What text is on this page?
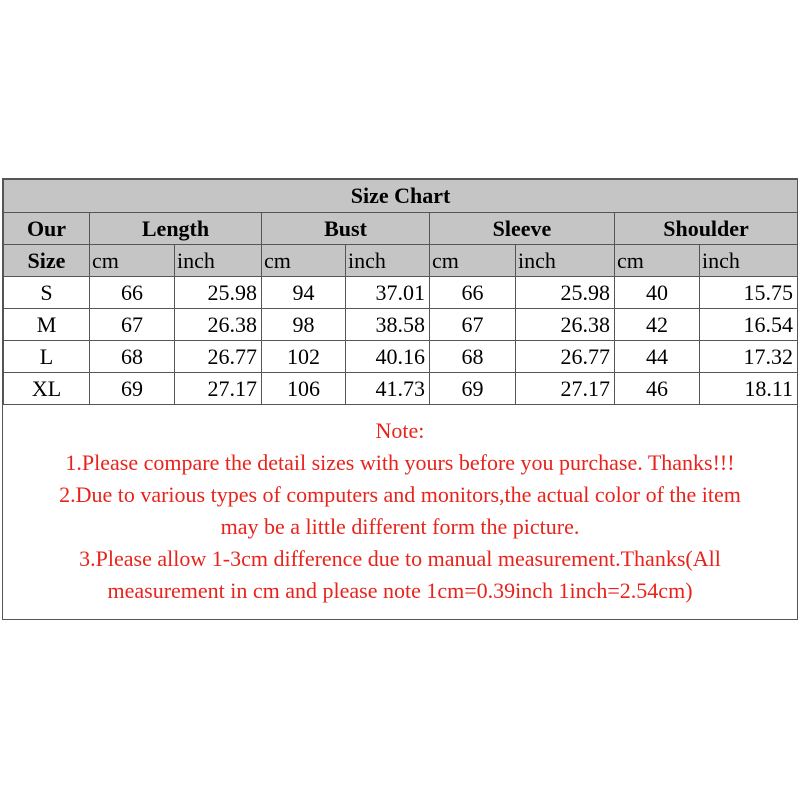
Size Chart								
Our	Length		Bust		Sleeve		Shoulder	
Size	cm	inch	cm	inch	cm	inch	cm	inch
S	66	25.98	94	37.01	66	25.98	40	15.75
M	67	26.38	98	38.58	67	26.38	42	16.54
L	68	26.77	102	40.16	68	26.77	44	17.32
XL	69	27.17	106	41.73	69	27.17	46	18.11
Note:
1.Please compare the detail sizes with yours before you purchase. Thanks!!!
2.Due to various types of computers and monitors,the actual color of the item
may be a little different form the picture.
3.Please allow 1-3cm difference due to manual measurement.Thanks(All
measurement in cm and please note 1cm=0.39inch 1inch=2.54cm)
